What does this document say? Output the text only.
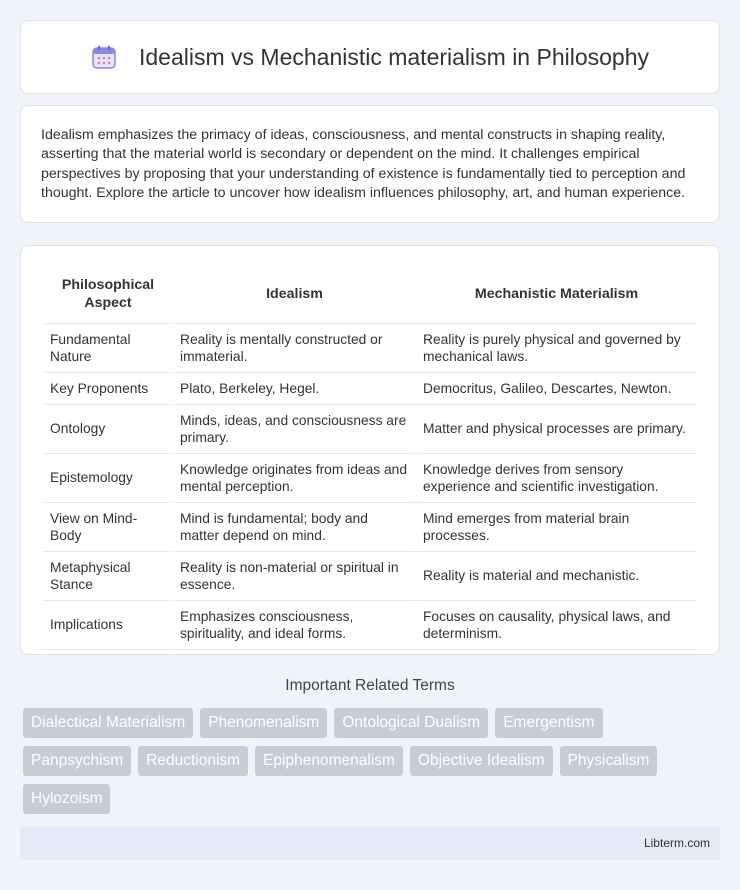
Idealism vs Mechanistic materialism in Philosophy

Idealism emphasizes the primacy of ideas, consciousness, and mental constructs in shaping reality, asserting that the material world is secondary or dependent on the mind. It challenges empirical perspectives by proposing that your understanding of existence is fundamentally tied to perception and thought. Explore the article to uncover how idealism influences philosophy, art, and human experience.

Philosophical Aspect	Idealism	Mechanistic Materialism
Fundamental Nature	Reality is mentally constructed or immaterial.	Reality is purely physical and governed by mechanical laws.
Key Proponents	Plato, Berkeley, Hegel.	Democritus, Galileo, Descartes, Newton.
Ontology	Minds, ideas, and consciousness are primary.	Matter and physical processes are primary.
Epistemology	Knowledge originates from ideas and mental perception.	Knowledge derives from sensory experience and scientific investigation.
View on Mind-Body	Mind is fundamental; body and matter depend on mind.	Mind emerges from material brain processes.
Metaphysical Stance	Reality is non-material or spiritual in essence.	Reality is material and mechanistic.
Implications	Emphasizes consciousness, spirituality, and ideal forms.	Focuses on causality, physical laws, and determinism.
Important Related Terms
Dialectical Materialism	Phenomenalism	Ontological Dualism	Emergentism
Panpsychism	Reductionism	Epiphenomenalism	Objective Idealism	Physicalism
Hylozoism
Libterm.com
